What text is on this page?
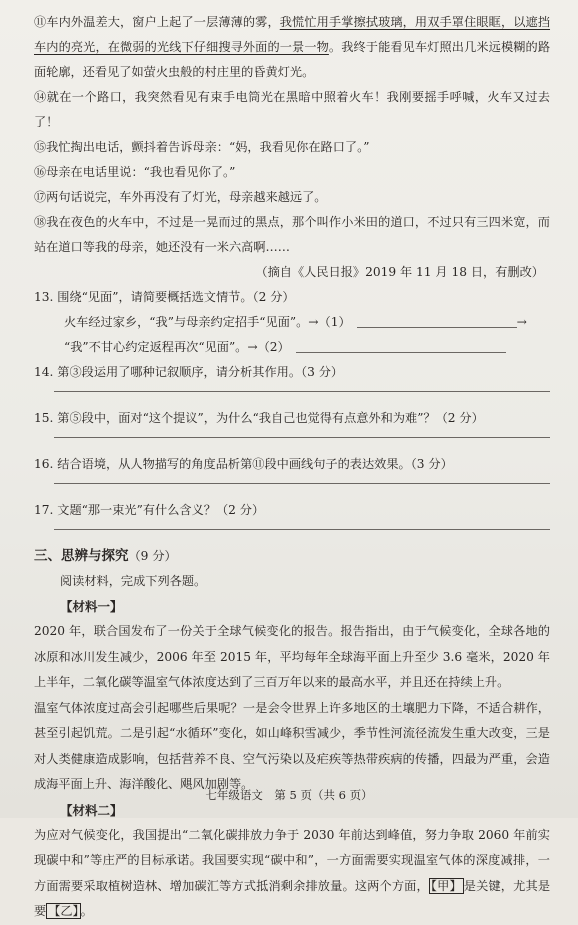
⑪车内外温差大，窗户上起了一层薄薄的雾，我慌忙用手掌擦拭玻璃，用双手罩住眼眶，以遮挡车内的亮光，在微弱的光线下仔细搜寻外面的一景一物。我终于能看见车灯照出几米远模糊的路面轮廓，还看见了如萤火虫般的村庄里的昏黄灯光。

⑭就在一个路口，我突然看见有束手电筒光在黑暗中照着火车！我刚要摇手呼喊，火车又过去了！

⑮我忙掏出电话，颤抖着告诉母亲：“妈，我看见你在路口了。”

⑯母亲在电话里说：“我也看见你了。”

⑰两句话说完，车外再没有了灯光，母亲越来越远了。

⑱我在夜色的火车中，不过是一晃而过的黑点，那个叫作小米田的道口，不过只有三四米宽，而站在道口等我的母亲，她还没有一米六高啊……

（摘自《人民日报》2019 年 11 月 18 日，有删改）

13. 围绕“见面”，请简要概括选文情节。（2 分）

火车经过家乡，“我”与母亲约定招手“见面”。→（1）	→

“我”不甘心约定返程再次“见面”。→（2）

14. 第③段运用了哪种记叙顺序，请分析其作用。（3 分）

15. 第⑤段中，面对“这个提议”，为什么“我自己也觉得有点意外和为难”？（2 分）

16. 结合语境，从人物描写的角度品析第⑪段中画线句子的表达效果。（3 分）

17. 文题“那一束光”有什么含义？（2 分）

三、思辨与探究（9 分）

阅读材料，完成下列各题。

【材料一】

2020 年，联合国发布了一份关于全球气候变化的报告。报告指出，由于气候变化，全球各地的冰原和冰川发生减少，2006 年至 2015 年，平均每年全球海平面上升至少 3.6 毫米，2020 年上半年，二氧化碳等温室气体浓度达到了三百万年以来的最高水平，并且还在持续上升。

温室气体浓度过高会引起哪些后果呢？一是会令世界上许多地区的土壤肥力下降，不适合耕作，甚至引起饥荒。二是引起“水循环”变化，如山峰积雪减少，季节性河流径流发生重大改变，三是对人类健康造成影响，包括营养不良、空气污染以及疟疾等热带疾病的传播，四最为严重，会造成海平面上升、海洋酸化、飓风加剧等。

【材料二】

为应对气候变化，我国提出“二氧化碳排放力争于 2030 年前达到峰值，努力争取 2060 年前实现碳中和”等庄严的目标承诺。我国要实现“碳中和”，一方面需要实现温室气体的深度减排，一方面需要采取植树造林、增加碳汇等方式抵消剩余排放量。这两个方面， 【甲】 是关键，尤其是要 【乙】 。

七年级语文　第 5 页（共 6 页）
